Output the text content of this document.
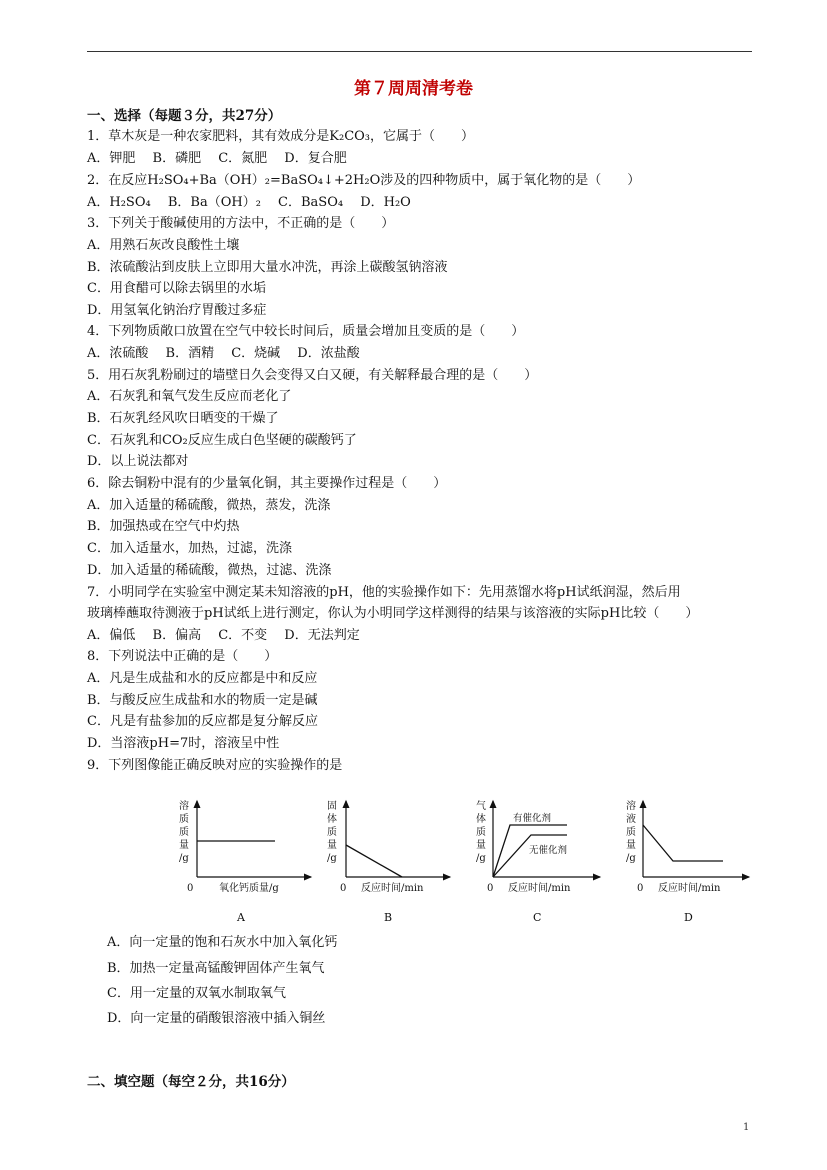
第７周周清考卷
一、选择（每题３分，共27分）
1．草木灰是一种农家肥料，其有效成分是K₂CO₃，它属于（　　）
A．钾肥　 B．磷肥　 C．氮肥　 D．复合肥
2．在反应H₂SO₄+Ba（OH）₂=BaSO₄↓+2H₂O涉及的四种物质中，属于氧化物的是（　　）
A．H₂SO₄　 B．Ba（OH）₂　 C．BaSO₄　 D．H₂O
3．下列关于酸碱使用的方法中，不正确的是（　　）
A．用熟石灰改良酸性土壤
B．浓硫酸沾到皮肤上立即用大量水冲洗，再涂上碳酸氢钠溶液
C．用食醋可以除去锅里的水垢
D．用氢氧化钠治疗胃酸过多症
4．下列物质敞口放置在空气中较长时间后，质量会增加且变质的是（　　）
A．浓硫酸　 B．酒精　 C．烧碱　 D．浓盐酸
5．用石灰乳粉刷过的墙壁日久会变得又白又硬，有关解释最合理的是（　　）
A．石灰乳和氧气发生反应而老化了
B．石灰乳经风吹日晒变的干燥了
C．石灰乳和CO₂反应生成白色坚硬的碳酸钙了
D．以上说法都对
6．除去铜粉中混有的少量氧化铜，其主要操作过程是（　　）
A．加入适量的稀硫酸，微热，蒸发，洗涤
B．加强热或在空气中灼热
C．加入适量水，加热，过滤，洗涤
D．加入适量的稀硫酸，微热，过滤、洗涤
7．小明同学在实验室中测定某未知溶液的pH，他的实验操作如下：先用蒸馏水将pH试纸润湿，然后用
玻璃棒蘸取待测液于pH试纸上进行测定，你认为小明同学这样测得的结果与该溶液的实际pH比较（　　）
A．偏低　 B．偏高　 C．不变　 D．无法判定
8．下列说法中正确的是（　　）
A．凡是生成盐和水的反应都是中和反应
B．与酸反应生成盐和水的物质一定是碱
C．凡是有盐参加的反应都是复分解反应
D．当溶液pH=7时，溶液呈中性
9．下列图像能正确反映对应的实验操作的是
溶
质
质
量
/g
0	氧化钙质量/g
A
固
体
质
量
/g
0 反应时间/min
B
气
体
质
量
/g
有催化剂
无催化剂
0 反应时间/min
C
溶
液
质
量
/g
0 反应时间/min
D
A．向一定量的饱和石灰水中加入氧化钙
B．加热一定量高锰酸钾固体产生氧气
C．用一定量的双氧水制取氧气
D．向一定量的硝酸银溶液中插入铜丝
二、填空题（每空２分，共16分）
1
